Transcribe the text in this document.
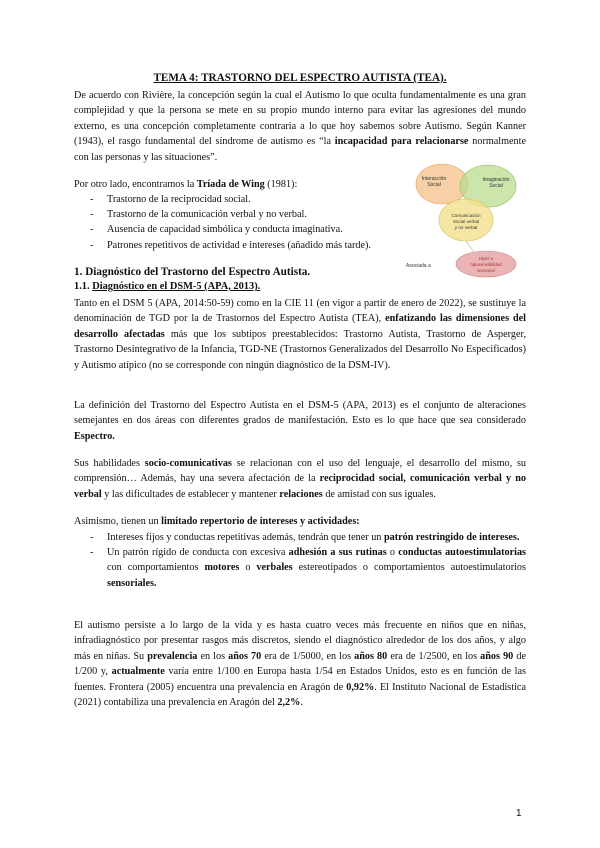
TEMA 4: TRASTORNO DEL ESPECTRO AUTISTA (TEA).

De acuerdo con Rivière, la concepción según la cual el Autismo lo que oculta fundamentalmente es una gran complejidad y que la persona se mete en su propio mundo interno para evitar las agresiones del mundo externo, es una concepción completamente contraria a lo que hoy sabemos sobre Autismo. Según Kanner (1943), el rasgo fundamental del síndrome de autismo es “la incapacidad para relacionarse normalmente con las personas y las situaciones”.

Por otro lado, encontramos la Tríada de Wing (1981):

- Trastorno de la reciprocidad social.
- Trastorno de la comunicación verbal y no verbal.
- Ausencia de capacidad simbólica y conducta imaginativa.
- Patrones repetitivos de actividad e intereses (añadido más tarde).
Interacción
Social
Imaginación
Social
Comunicación
Social verbal
y no verbal
Hiper e
hiposensibilidad
sensorial
Asociada a
1. Diagnóstico del Trastorno del Espectro Autista.
1.1. Diagnóstico en el DSM-5 (APA, 2013).

Tanto en el DSM 5 (APA, 2014:50-59) como en la CIE 11 (en vigor a partir de enero de 2022), se sustituye la denominación de TGD por la de Trastornos del Espectro Autista (TEA), enfatizando las dimensiones del desarrollo afectadas más que los subtipos preestablecidos: Trastorno Autista, Trastorno de Asperger, Trastorno Desintegrativo de la Infancia, TGD-NE (Trastornos Generalizados del Desarrollo No Especificados) y Autismo atípico (no se corresponde con ningún diagnóstico de la DSM-IV).

La definición del Trastorno del Espectro Autista en el DSM-5 (APA, 2013) es el conjunto de alteraciones semejantes en dos áreas con diferentes grados de manifestación. Esto es lo que hace que sea considerado Espectro.

Sus habilidades socio-comunicativas se relacionan con el uso del lenguaje, el desarrollo del mismo, su comprensión… Además, hay una severa afectación de la reciprocidad social, comunicación verbal y no verbal y las dificultades de establecer y mantener relaciones de amistad con sus iguales.

Asimismo, tienen un limitado repertorio de intereses y actividades:

- Intereses fijos y conductas repetitivas además, tendrán que tener un patrón restringido de intereses.
- Un patrón rígido de conducta con excesiva adhesión a sus rutinas o conductas autoestimulatorias con comportamientos motores o verbales estereotipados o comportamientos autoestimulatorios sensoriales.

El autismo persiste a lo largo de la vida y es hasta cuatro veces más frecuente en niños que en niñas, infradiagnóstico por presentar rasgos más discretos, siendo el diagnóstico alrededor de los dos años, y algo más en niñas. Su prevalencia en los años 70 era de 1/5000, en los años 80 era de 1/2500, en los años 90 de 1/200 y, actualmente varía entre 1/100 en Europa hasta 1/54 en Estados Unidos, esto es en función de las fuentes. Frontera (2005) encuentra una prevalencia en Aragón de 0,92%. El Instituto Nacional de Estadística (2021) contabiliza una prevalencia en Aragón del 2,2%.

1
